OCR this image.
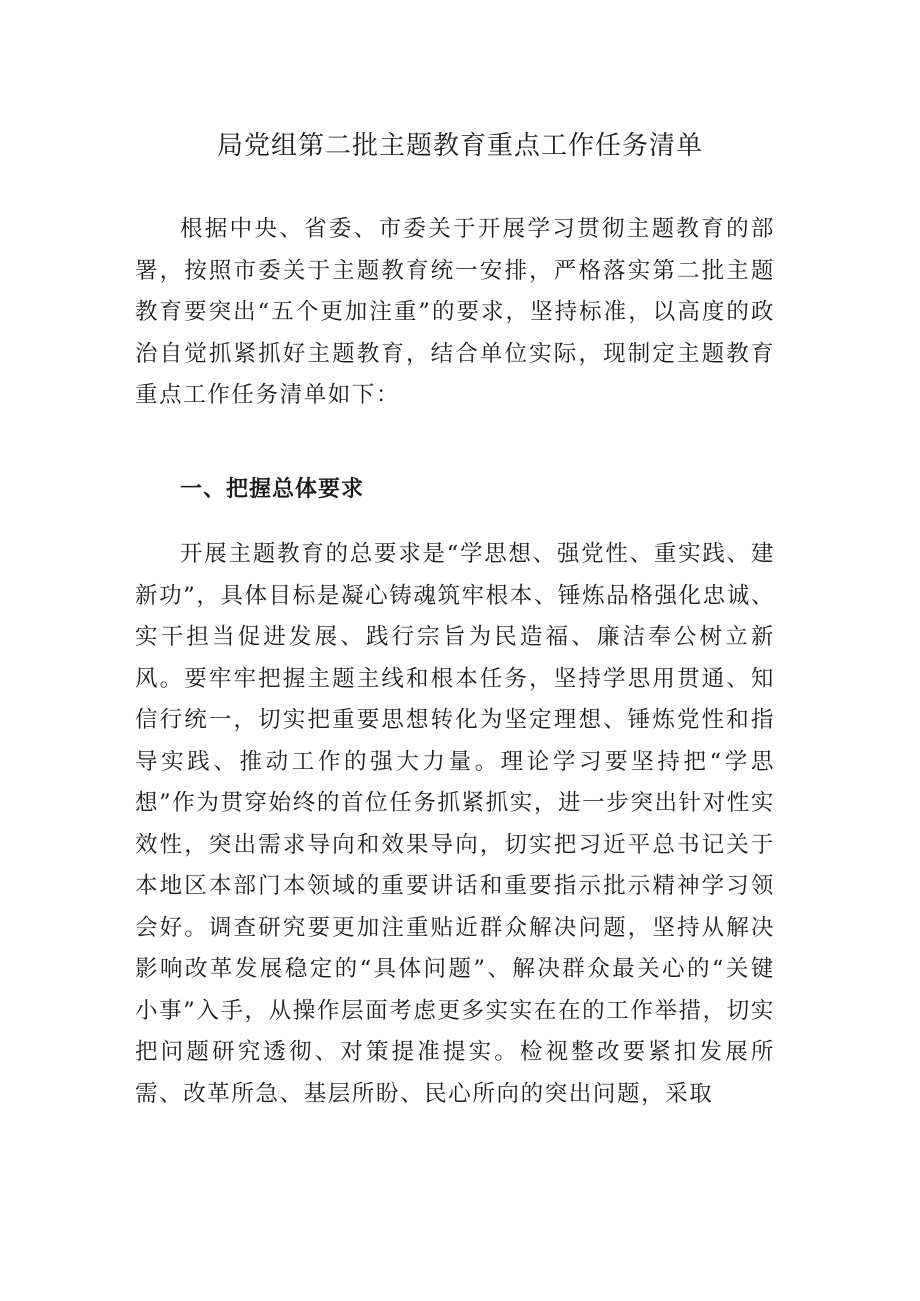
局党组第二批主题教育重点工作任务清单

根据中央、省委、市委关于开展学习贯彻主题教育的部署，按照市委关于主题教育统一安排，严格落实第二批主题教育要突出“五个更加注重”的要求，坚持标准，以高度的政治自觉抓紧抓好主题教育，结合单位实际，现制定主题教育重点工作任务清单如下：

一、把握总体要求

开展主题教育的总要求是“学思想、强党性、重实践、建新功”，具体目标是凝心铸魂筑牢根本、锤炼品格强化忠诚、实干担当促进发展、践行宗旨为民造福、廉洁奉公树立新风。要牢牢把握主题主线和根本任务，坚持学思用贯通、知信行统一，切实把重要思想转化为坚定理想、锤炼党性和指导实践、推动工作的强大力量。理论学习要坚持把“学思想”作为贯穿始终的首位任务抓紧抓实，进一步突出针对性实效性，突出需求导向和效果导向，切实把习近平总书记关于本地区本部门本领域的重要讲话和重要指示批示精神学习领会好。调查研究要更加注重贴近群众解决问题，坚持从解决影响改革发展稳定的“具体问题”、解决群众最关心的“关键小事”入手，从操作层面考虑更多实实在在的工作举措，切实把问题研究透彻、对策提准提实。检视整改要紧扣发展所需、改革所急、基层所盼、民心所向的突出问题，采取
